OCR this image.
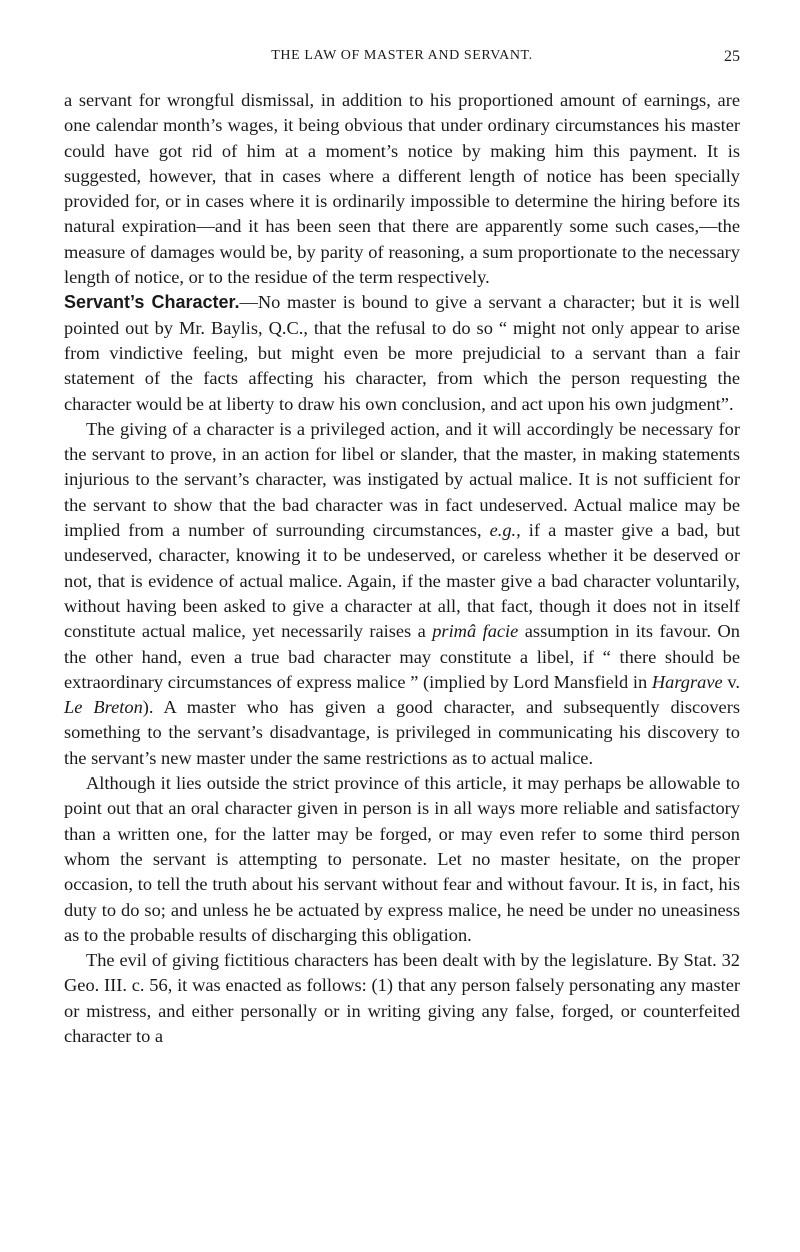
THE LAW OF MASTER AND SERVANT.	25

a servant for wrongful dismissal, in addition to his proportioned amount of earnings, are one calendar month’s wages, it being obvious that under ordinary circumstances his master could have got rid of him at a moment’s notice by making him this payment. It is suggested, however, that in cases where a different length of notice has been specially provided for, or in cases where it is ordinarily impossible to determine the hiring before its natural expiration—and it has been seen that there are apparently some such cases,—the measure of damages would be, by parity of reasoning, a sum proportionate to the necessary length of notice, or to the residue of the term respectively.

Servant’s Character.—No master is bound to give a servant a character; but it is well pointed out by Mr. Baylis, Q.C., that the refusal to do so “ might not only appear to arise from vindictive feeling, but might even be more prejudicial to a servant than a fair statement of the facts affecting his character, from which the person requesting the character would be at liberty to draw his own conclusion, and act upon his own judgment”.

The giving of a character is a privileged action, and it will accordingly be necessary for the servant to prove, in an action for libel or slander, that the master, in making statements injurious to the servant’s character, was instigated by actual malice. It is not sufficient for the servant to show that the bad character was in fact undeserved. Actual malice may be implied from a number of surrounding circumstances, e.g., if a master give a bad, but undeserved, character, knowing it to be undeserved, or careless whether it be deserved or not, that is evidence of actual malice. Again, if the master give a bad character voluntarily, without having been asked to give a character at all, that fact, though it does not in itself constitute actual malice, yet necessarily raises a primâ facie assumption in its favour. On the other hand, even a true bad character may constitute a libel, if “ there should be extraordinary circumstances of express malice ” (implied by Lord Mansfield in Hargrave v. Le Breton). A master who has given a good character, and subsequently discovers something to the servant’s disadvantage, is privileged in communicating his discovery to the servant’s new master under the same restrictions as to actual malice.

Although it lies outside the strict province of this article, it may perhaps be allowable to point out that an oral character given in person is in all ways more reliable and satisfactory than a written one, for the latter may be forged, or may even refer to some third person whom the servant is attempting to personate. Let no master hesitate, on the proper occasion, to tell the truth about his servant without fear and without favour. It is, in fact, his duty to do so; and unless he be actuated by express malice, he need be under no uneasiness as to the probable results of discharging this obligation.

The evil of giving fictitious characters has been dealt with by the legislature. By Stat. 32 Geo. III. c. 56, it was enacted as follows: (1) that any person falsely personating any master or mistress, and either personally or in writing giving any false, forged, or counterfeited character to a
